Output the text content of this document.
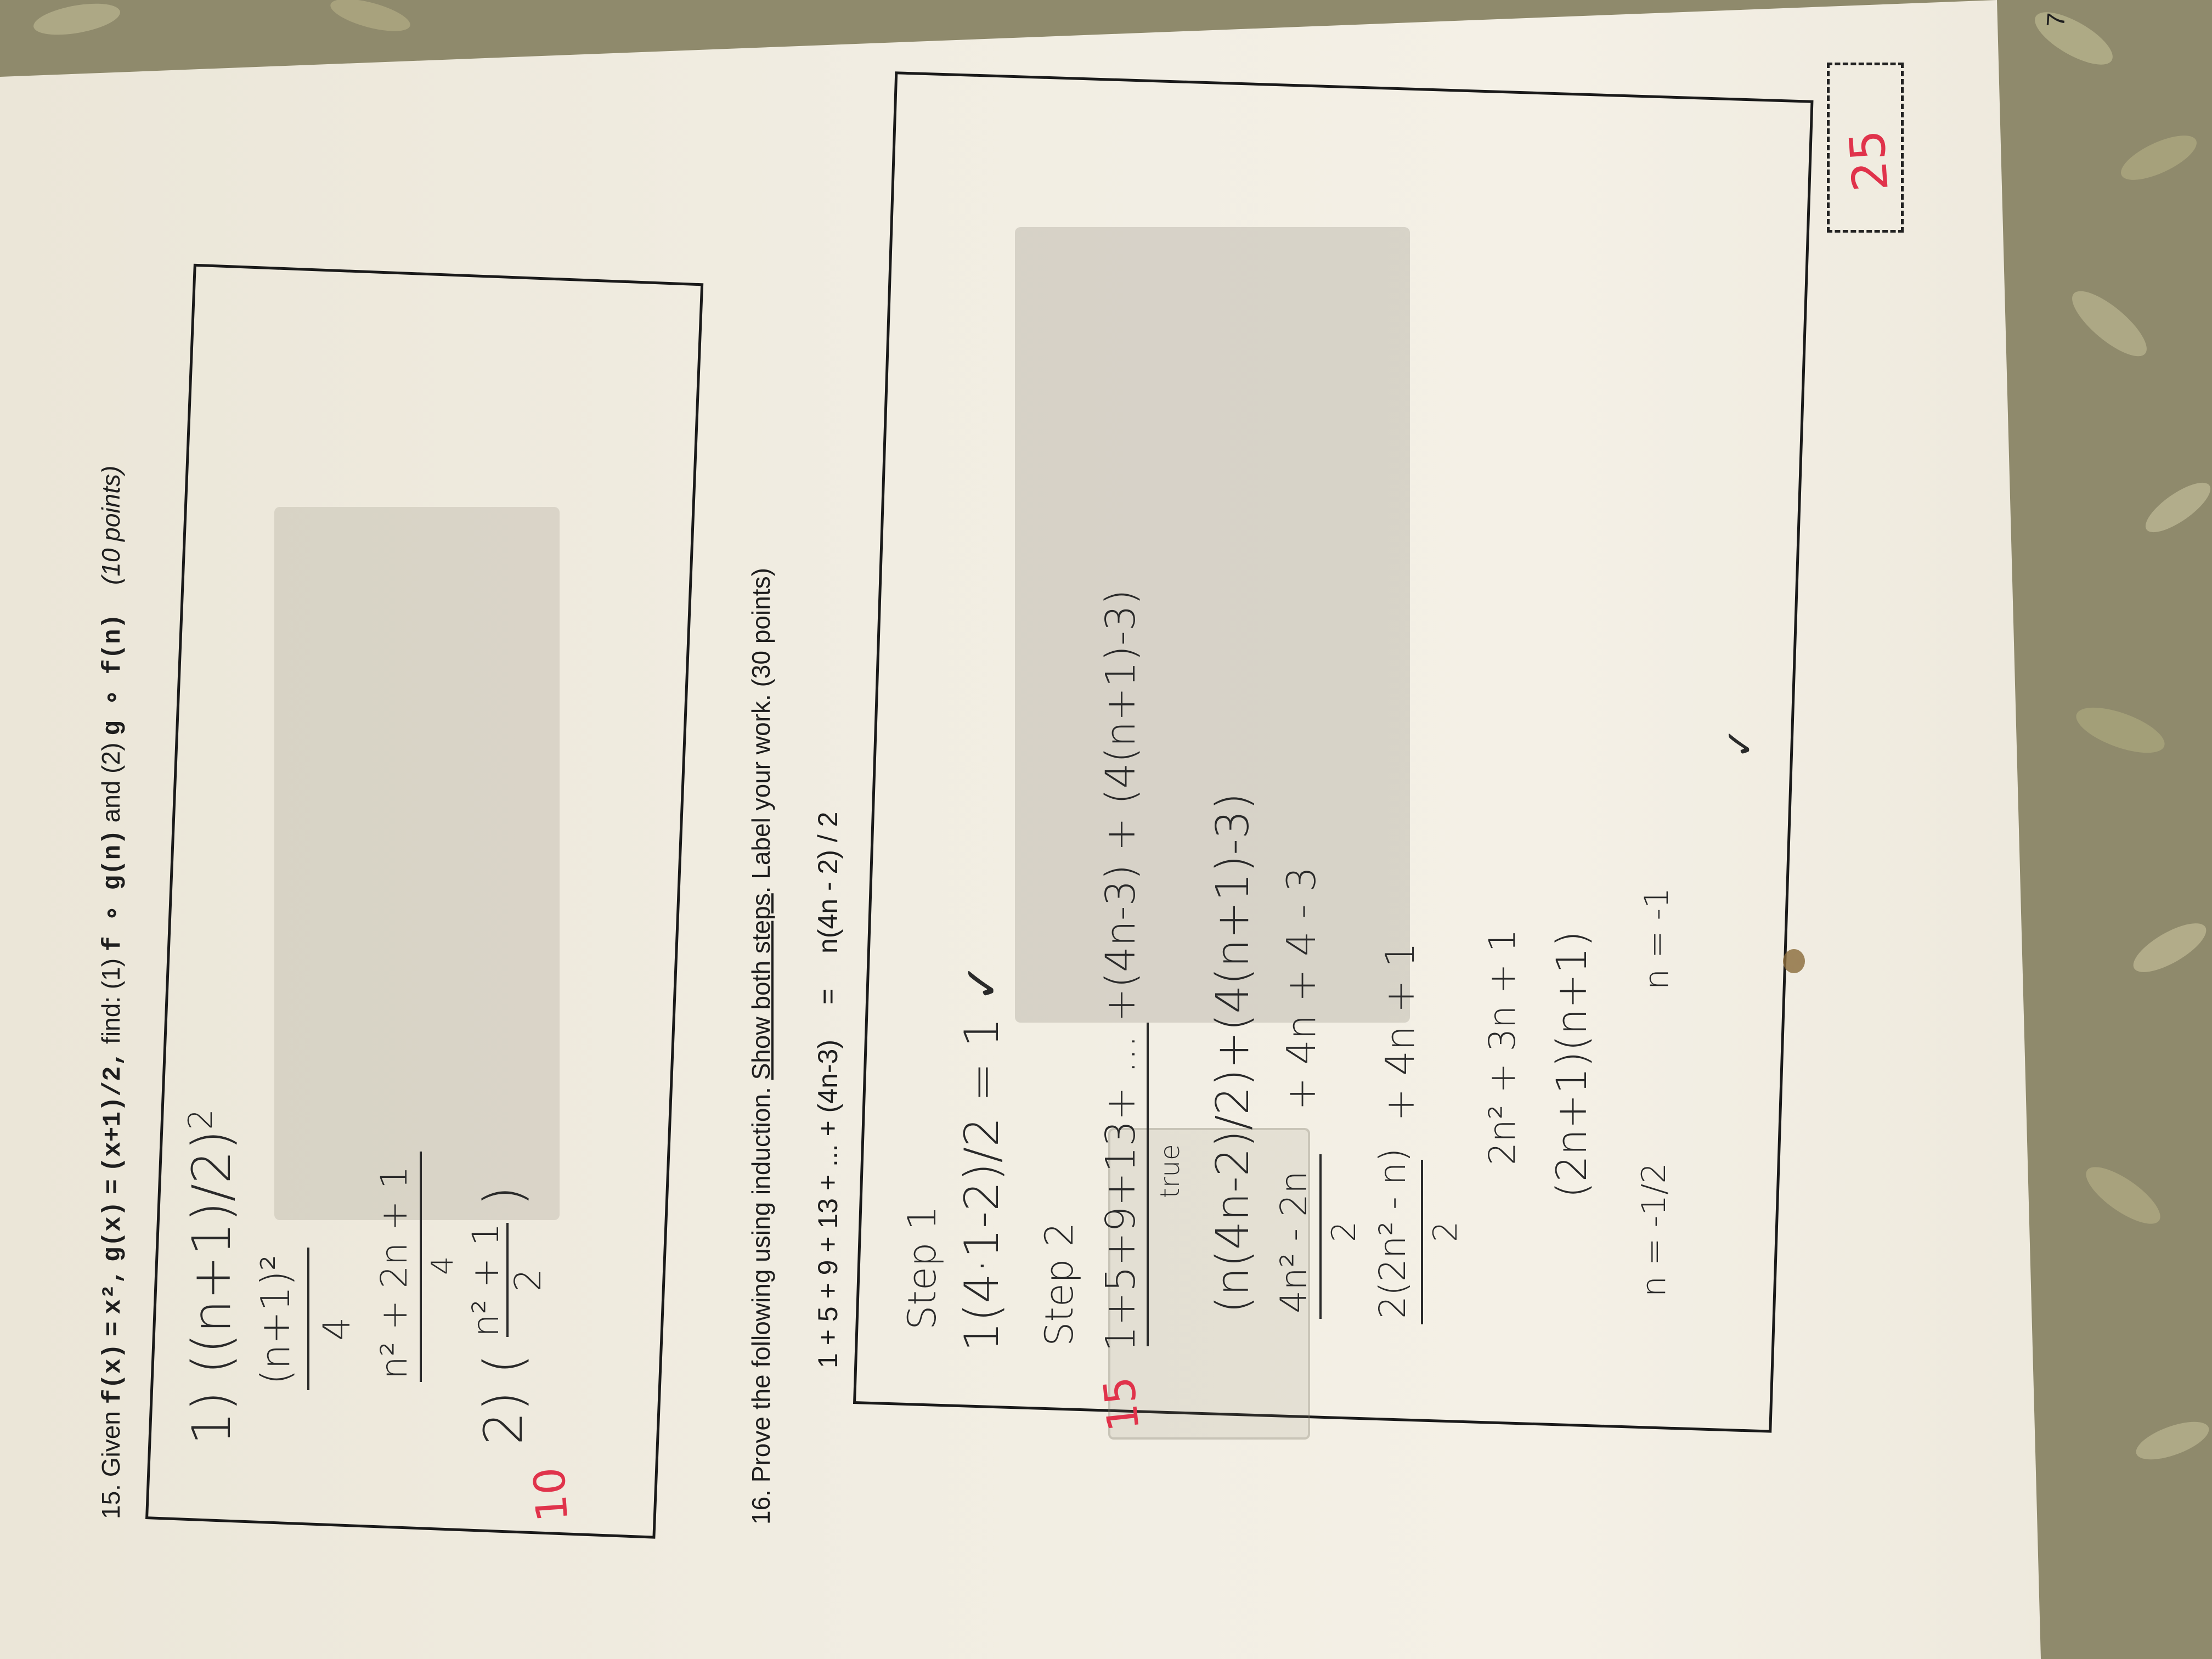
7
15. Given f(x) = x², g(x) = (x+1)/2, find: (1) f ∘ g(n) and (2) g ∘ f(n) (10 points)
1) $((n+1)/2)^2$
(n+1)² 4 n² + 2n + 1 4
2) (
n² + 1 2
)
10	16. Prove the following using induction. Show both steps. Label your work. (30 points)
1 + 5 + 9 + 13 + ... + (4n-3) = n(4n - 2) / 2
Step 1 1(4·1-2)/2 = 1 ✓ Step 2 1+5+9+13+ ... +(4n-3) + (4(n+1)-3) true (n(4n-2)/2)+(4(n+1)-3) 4n² - 2n 2
+ 4n + 4 - 3
2(2n² - n) 2
+ 4n + 1 2n² + 3n + 1 (2n+1)(n+1)
n = -1/2
n = -1
✓
15
25
